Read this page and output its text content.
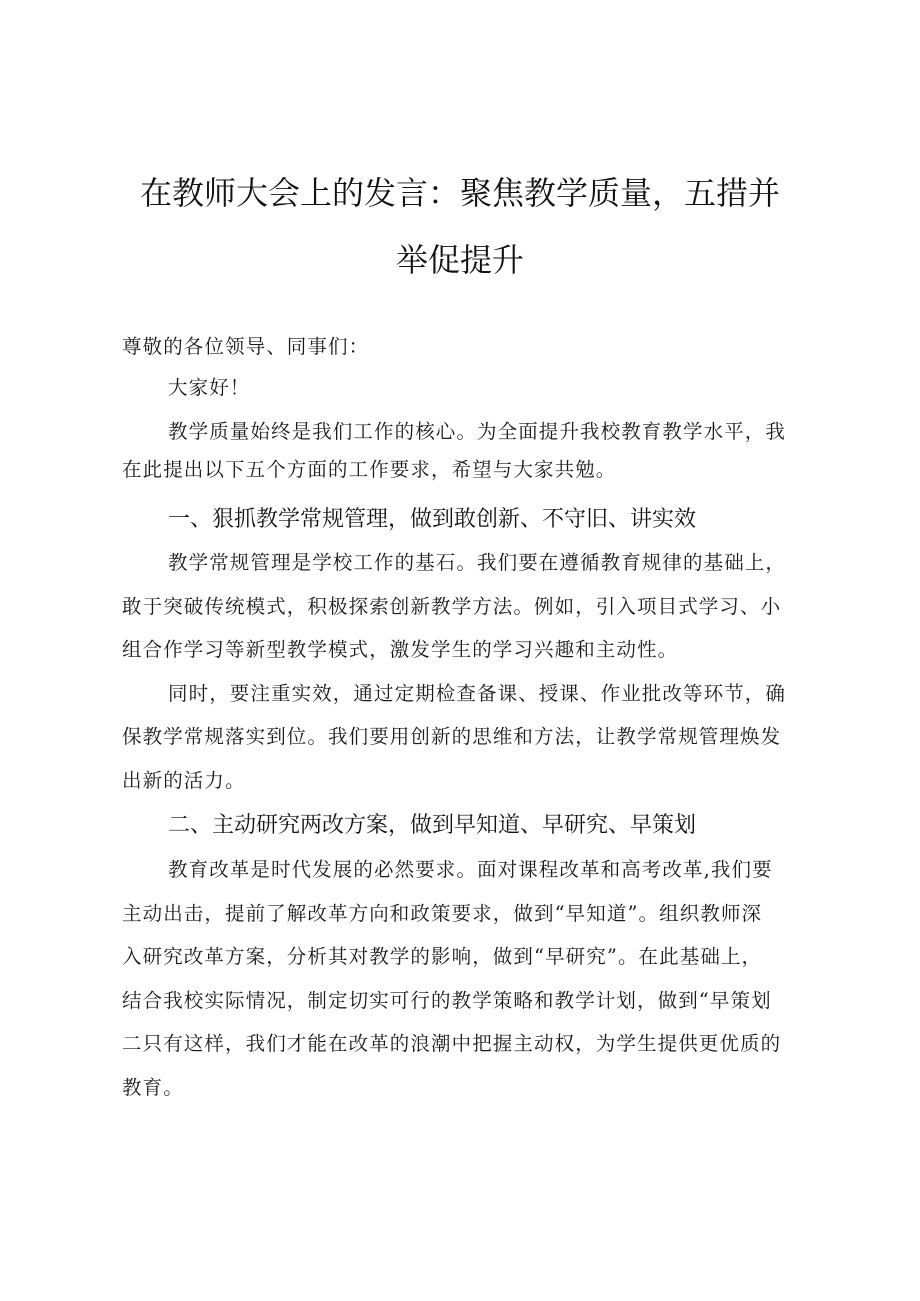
在教师大会上的发言：聚焦教学质量，五措并
举促提升
尊敬的各位领导、同事们：
大家好！
教学质量始终是我们工作的核心。为全面提升我校教育教学水平，我
在此提出以下五个方面的工作要求，希望与大家共勉。
一、狠抓教学常规管理，做到敢创新、不守旧、讲实效
教学常规管理是学校工作的基石。我们要在遵循教育规律的基础上，
敢于突破传统模式，积极探索创新教学方法。例如，引入项目式学习、小
组合作学习等新型教学模式，激发学生的学习兴趣和主动性。
同时，要注重实效，通过定期检查备课、授课、作业批改等环节，确
保教学常规落实到位。我们要用创新的思维和方法，让教学常规管理焕发
出新的活力。
二、主动研究两改方案，做到早知道、早研究、早策划
教育改革是时代发展的必然要求。面对课程改革和高考改革,我们要
主动出击，提前了解改革方向和政策要求，做到“早知道”。组织教师深
入研究改革方案，分析其对教学的影响，做到“早研究”。在此基础上，
结合我校实际情况，制定切实可行的教学策略和教学计划，做到“早策划
二只有这样，我们才能在改革的浪潮中把握主动权，为学生提供更优质的
教育。
